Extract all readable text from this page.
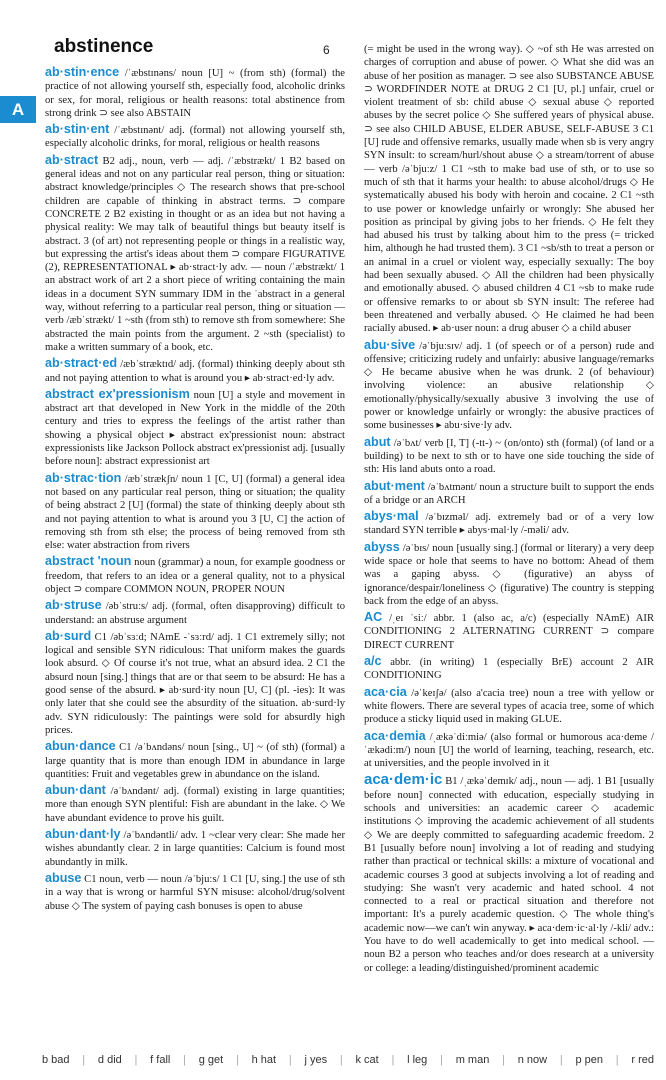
abstinence	6
A

ab·stin·ence /ˈæbstɪnəns/ noun [U] ~ (from sth) (formal) the practice of not allowing yourself sth, especially food, alcoholic drinks or sex, for moral, religious or health reasons: total abstinence from strong drink ⊃ see also ABSTAIN

ab·stin·ent /ˈæbstɪnənt/ adj. (formal) not allowing yourself sth, especially alcoholic drinks, for moral, religious or health reasons

ab·stract B2 adj., noun, verb — adj. /ˈæbstrækt/ 1 B2 based on general ideas and not on any particular real person, thing or situation: abstract knowledge/principles ◇ The research shows that pre-school children are capable of thinking in abstract terms. ⊃ compare CONCRETE 2 B2 existing in thought or as an idea but not having a physical reality: We may talk of beautiful things but beauty itself is abstract. 3 (of art) not representing people or things in a realistic way, but expressing the artist's ideas about them ⊃ compare FIGURATIVE (2), REPRESENTATIONAL ▸ ab·stract·ly adv. — noun /ˈæbstrækt/ 1 an abstract work of art 2 a short piece of writing containing the main ideas in a document SYN summary IDM in the ˈabstract in a general way, without referring to a particular real person, thing or situation — verb /æbˈstrækt/ 1 ~sth (from sth) to remove sth from somewhere: She abstracted the main points from the argument. 2 ~sth (specialist) to make a written summary of a book, etc.

ab·stract·ed /æbˈstræktɪd/ adj. (formal) thinking deeply about sth and not paying attention to what is around you ▸ ab·stract·ed·ly adv.

abstract ex'pressionism noun [U] a style and movement in abstract art that developed in New York in the middle of the 20th century and tries to express the feelings of the artist rather than showing a physical object ▸ abstract ex'pressionist noun: abstract expressionists like Jackson Pollock abstract ex'pressionist adj. [usually before noun]: abstract expressionist art

ab·strac·tion /æbˈstrækʃn/ noun 1 [C, U] (formal) a general idea not based on any particular real person, thing or situation; the quality of being abstract 2 [U] (formal) the state of thinking deeply about sth and not paying attention to what is around you 3 [U, C] the action of removing sth from sth else; the process of being removed from sth else: water abstraction from rivers

abstract 'noun noun (grammar) a noun, for example goodness or freedom, that refers to an idea or a general quality, not to a physical object ⊃ compare COMMON NOUN, PROPER NOUN

ab·struse /əbˈstruːs/ adj. (formal, often disapproving) difficult to understand: an abstruse argument

ab·surd C1 /əbˈsɜːd; NAmE -ˈsɜːrd/ adj. 1 C1 extremely silly; not logical and sensible SYN ridiculous: That uniform makes the guards look absurd. ◇ Of course it's not true, what an absurd idea. 2 C1 the absurd noun [sing.] things that are or that seem to be absurd: He has a good sense of the absurd. ▸ ab·surd·ity noun [U, C] (pl. -ies): It was only later that she could see the absurdity of the situation. ab·surd·ly adv. SYN ridiculously: The paintings were sold for absurdly high prices.

abun·dance C1 /əˈbʌndəns/ noun [sing., U] ~ (of sth) (formal) a large quantity that is more than enough IDM in abundance in large quantities: Fruit and vegetables grew in abundance on the island.

abun·dant /əˈbʌndənt/ adj. (formal) existing in large quantities; more than enough SYN plentiful: Fish are abundant in the lake. ◇ We have abundant evidence to prove his guilt.

abun·dant·ly /əˈbʌndəntli/ adv. 1 ~clear very clear: She made her wishes abundantly clear. 2 in large quantities: Calcium is found most abundantly in milk.

abuse C1 noun, verb — noun /əˈbjuːs/ 1 C1 [U, sing.] the use of sth in a way that is wrong or harmful SYN misuse: alcohol/drug/solvent abuse ◇ The system of paying cash bonuses is open to abuse

(= might be used in the wrong way). ◇ ~of sth He was arrested on charges of corruption and abuse of power. ◇ What she did was an abuse of her position as manager. ⊃ see also SUBSTANCE ABUSE ⊃ WORDFINDER NOTE at DRUG 2 C1 [U, pl.] unfair, cruel or violent treatment of sb: child abuse ◇ sexual abuse ◇ reported abuses by the secret police ◇ She suffered years of physical abuse. ⊃ see also CHILD ABUSE, ELDER ABUSE, SELF-ABUSE 3 C1 [U] rude and offensive remarks, usually made when sb is very angry SYN insult: to scream/hurl/shout abuse ◇ a stream/torrent of abuse — verb /əˈbjuːz/ 1 C1 ~sth to make bad use of sth, or to use so much of sth that it harms your health: to abuse alcohol/drugs ◇ He systematically abused his body with heroin and cocaine. 2 C1 ~sth to use power or knowledge unfairly or wrongly: She abused her position as principal by giving jobs to her friends. ◇ He felt they had abused his trust by talking about him to the press (= tricked him, although he had trusted them). 3 C1 ~sb/sth to treat a person or an animal in a cruel or violent way, especially sexually: The boy had been sexually abused. ◇ All the children had been physically and emotionally abused. ◇ abused children 4 C1 ~sb to make rude or offensive remarks to or about sb SYN insult: The referee had been threatened and verbally abused. ◇ He claimed he had been racially abused. ▸ ab·user noun: a drug abuser ◇ a child abuser

abu·sive /əˈbjuːsɪv/ adj. 1 (of speech or of a person) rude and offensive; criticizing rudely and unfairly: abusive language/remarks ◇ He became abusive when he was drunk. 2 (of behaviour) involving violence: an abusive relationship ◇ emotionally/physically/sexually abusive 3 involving the use of power or knowledge unfairly or wrongly: the abusive practices of some businesses ▸ abu·sive·ly adv.

abut /əˈbʌt/ verb [I, T] (-tt-) ~ (on/onto) sth (formal) (of land or a building) to be next to sth or to have one side touching the side of sth: His land abuts onto a road.

abut·ment /əˈbʌtmənt/ noun a structure built to support the ends of a bridge or an ARCH

abys·mal /əˈbɪzməl/ adj. extremely bad or of a very low standard SYN terrible ▸ abys·mal·ly /-məli/ adv.

abyss /əˈbɪs/ noun [usually sing.] (formal or literary) a very deep wide space or hole that seems to have no bottom: Ahead of them was a gaping abyss. ◇ (figurative) an abyss of ignorance/despair/loneliness ◇ (figurative) The country is stepping back from the edge of an abyss.

AC /ˌeɪ ˈsiː/ abbr. 1 (also ac, a/c) (especially NAmE) AIR CONDITIONING 2 ALTERNATING CURRENT ⊃ compare DIRECT CURRENT

a/c abbr. (in writing) 1 (especially BrE) account 2 AIR CONDITIONING

aca·cia /əˈkeɪʃə/ (also a'cacia tree) noun a tree with yellow or white flowers. There are several types of acacia tree, some of which produce a sticky liquid used in making GLUE.

aca·demia /ˌækəˈdiːmiə/ (also formal or humorous aca·deme /ˈækədiːm/) noun [U] the world of learning, teaching, research, etc. at universities, and the people involved in it

aca·dem·ic B1 /ˌækəˈdemɪk/ adj., noun — adj. 1 B1 [usually before noun] connected with education, especially studying in schools and universities: an academic career ◇ academic institutions ◇ improving the academic achievement of all students ◇ We are deeply committed to safeguarding academic freedom. 2 B1 [usually before noun] involving a lot of reading and studying rather than practical or technical skills: a mixture of vocational and academic courses 3 good at subjects involving a lot of reading and studying: She wasn't very academic and hated school. 4 not connected to a real or practical situation and therefore not important: It's a purely academic question. ◇ The whole thing's academic now—we can't win anyway. ▸ aca·dem·ic·al·ly /-kli/ adv.: You have to do well academically to get into medical school. — noun B2 a person who teaches and/or does research at a university or college: a leading/distinguished/prominent academic

b bad | d did | f fall | g get | h hat | j yes | k cat | l leg | m man | n now | p pen | r red
